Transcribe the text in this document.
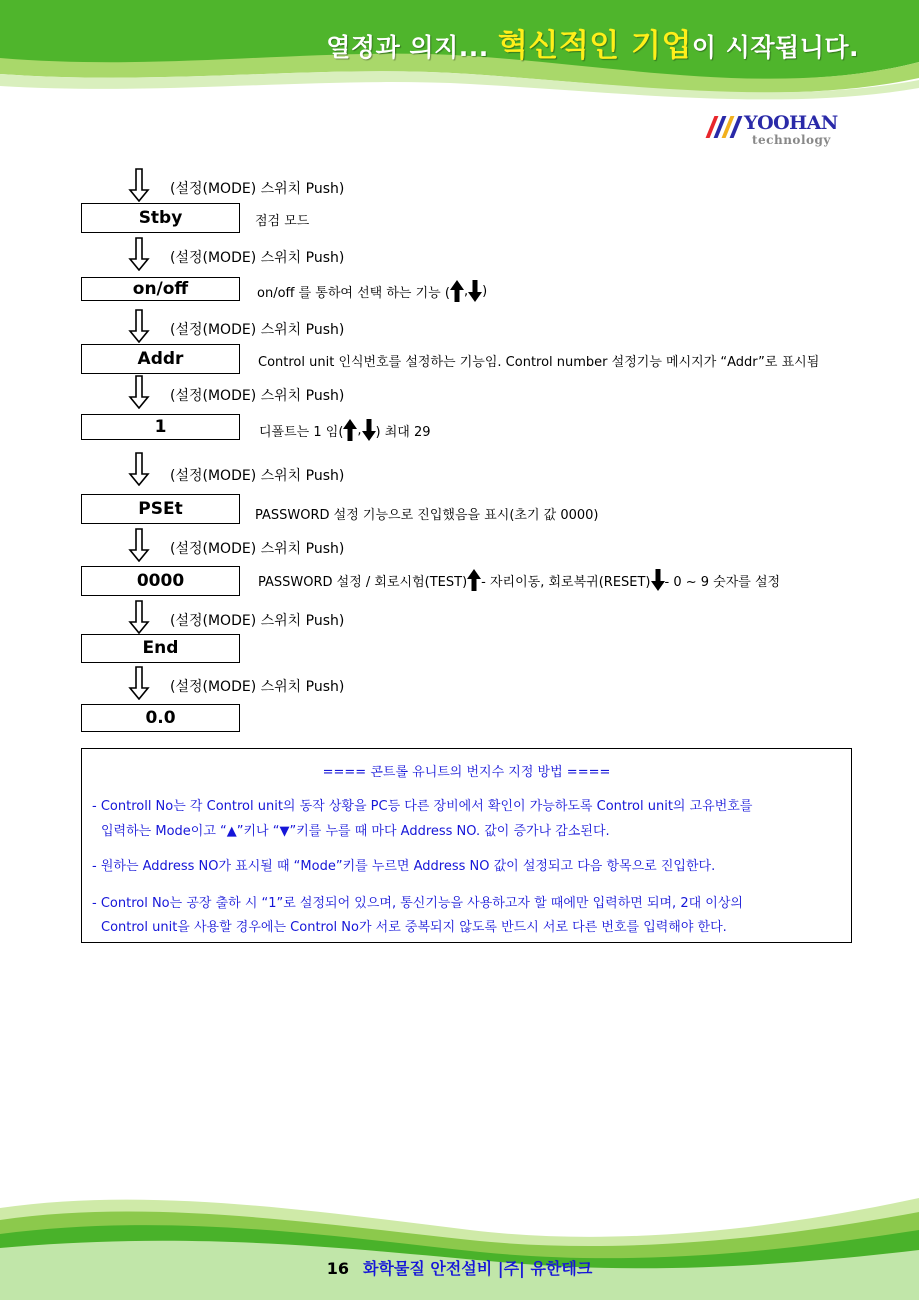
열정과 의지... 혁신적인 기업이 시작됩니다.
YOOHAN
technology
(설정(MODE) 스위치 Push)
Stby	점검 모드
(설정(MODE) 스위치 Push)
on/off	on/off 를 통하여 선택 하는 기능 ( , )
(설정(MODE) 스위치 Push)
Addr	Control unit 인식번호를 설정하는 기능임. Control number 설정기능 메시지가 “Addr”로 표시됨
(설정(MODE) 스위치 Push)
1	디폴트는 1 임( , ) 최대 29
(설정(MODE) 스위치 Push)
PSEt	PASSWORD 설정 기능으로 진입했음을 표시(초기 값 0000)
(설정(MODE) 스위치 Push)
0000	PASSWORD 설정 / 회로시험(TEST) - 자리이동, 회로복귀(RESET) - 0 ~ 9 숫자를 설정
(설정(MODE) 스위치 Push)
End
(설정(MODE) 스위치 Push)
0.0

==== 콘트롤 유니트의 번지수 지정 방법 ====

- Controll No는 각 Control unit의 동작 상황을 PC등 다른 장비에서 확인이 가능하도록 Control unit의 고유번호를

입력하는 Mode이고 “▲”키나 “▼”키를 누를 때 마다 Address NO. 값이 증가나 감소된다.

- 원하는 Address NO가 표시될 때 “Mode”키를 누르면 Address NO 값이 설정되고 다음 항목으로 진입한다.

- Control No는 공장 출하 시 “1”로 설정되어 있으며, 통신기능을 사용하고자 할 때에만 입력하면 되며, 2대 이상의

Control unit을 사용할 경우에는 Control No가 서로 중복되지 않도록 반드시 서로 다른 번호를 입력해야 한다.

16 화학물질 안전설비 |주| 유한테크
